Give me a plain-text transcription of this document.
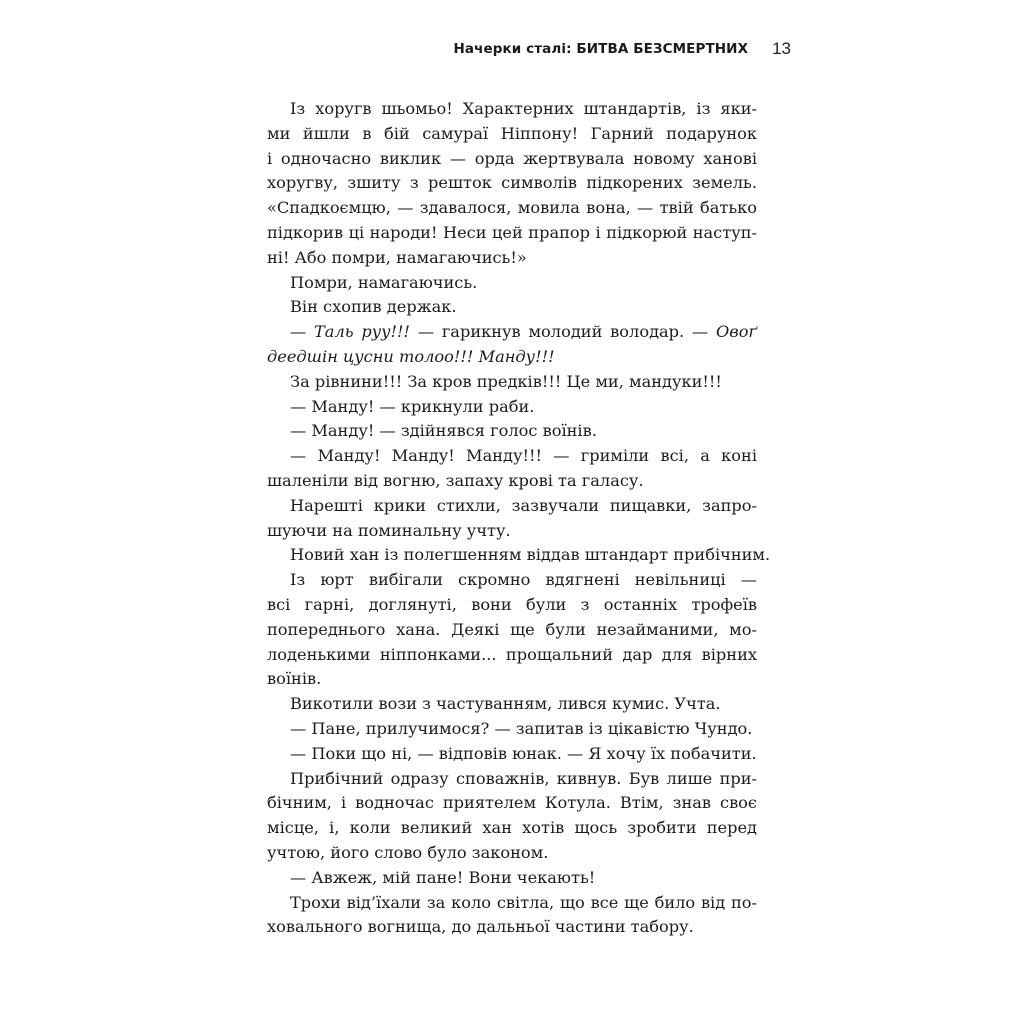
Начерки сталі: БИТВА БЕЗСМЕРТНИХ 13
Із хоругв шьомьо! Характерних штандартів, із яки-
ми йшли в бій самураї Ніппону! Гарний подарунок
і одночасно виклик — орда жертвувала новому ханові
хоругву, зшиту з решток символів підкорених земель.
«Спадкоємцю, — здавалося, мовила вона, — твій батько
підкорив ці народи! Неси цей прапор і підкорюй наступ-
ні! Або помри, намагаючись!»
Помри, намагаючись.
Він схопив держак.
— Таль руу!!! — гарикнув молодий володар. — Овоґ
деедшін цусни толоо!!! Манду!!!
За рівнини!!! За кров предків!!! Це ми, мандуки!!!
— Манду! — крикнули раби.
— Манду! — здійнявся голос воїнів.
— Манду! Манду! Манду!!! — гриміли всі, а коні
шаленіли від вогню, запаху крові та галасу.
Нарешті крики стихли, зазвучали пищавки, запро-
шуючи на поминальну учту.
Новий хан із полегшенням віддав штандарт прибічним.
Із юрт вибігали скромно вдягнені невільниці —
всі гарні, доглянуті, вони були з останніх трофеїв
попереднього хана. Деякі ще були незайманими, мо-
лоденькими ніппонками... прощальний дар для вірних
воїнів.
Викотили вози з частуванням, лився кумис. Учта.
— Пане, прилучимося? — запитав із цікавістю Чундо.
— Поки що ні, — відповів юнак. — Я хочу їх побачити.
Прибічний одразу споважнів, кивнув. Був лише при-
бічним, і водночас приятелем Котула. Втім, знав своє
місце, і, коли великий хан хотів щось зробити перед
учтою, його слово було законом.
— Авжеж, мій пане! Вони чекають!
Трохи від’їхали за коло світла, що все ще било від по-
ховального вогнища, до дальньої частини табору.
